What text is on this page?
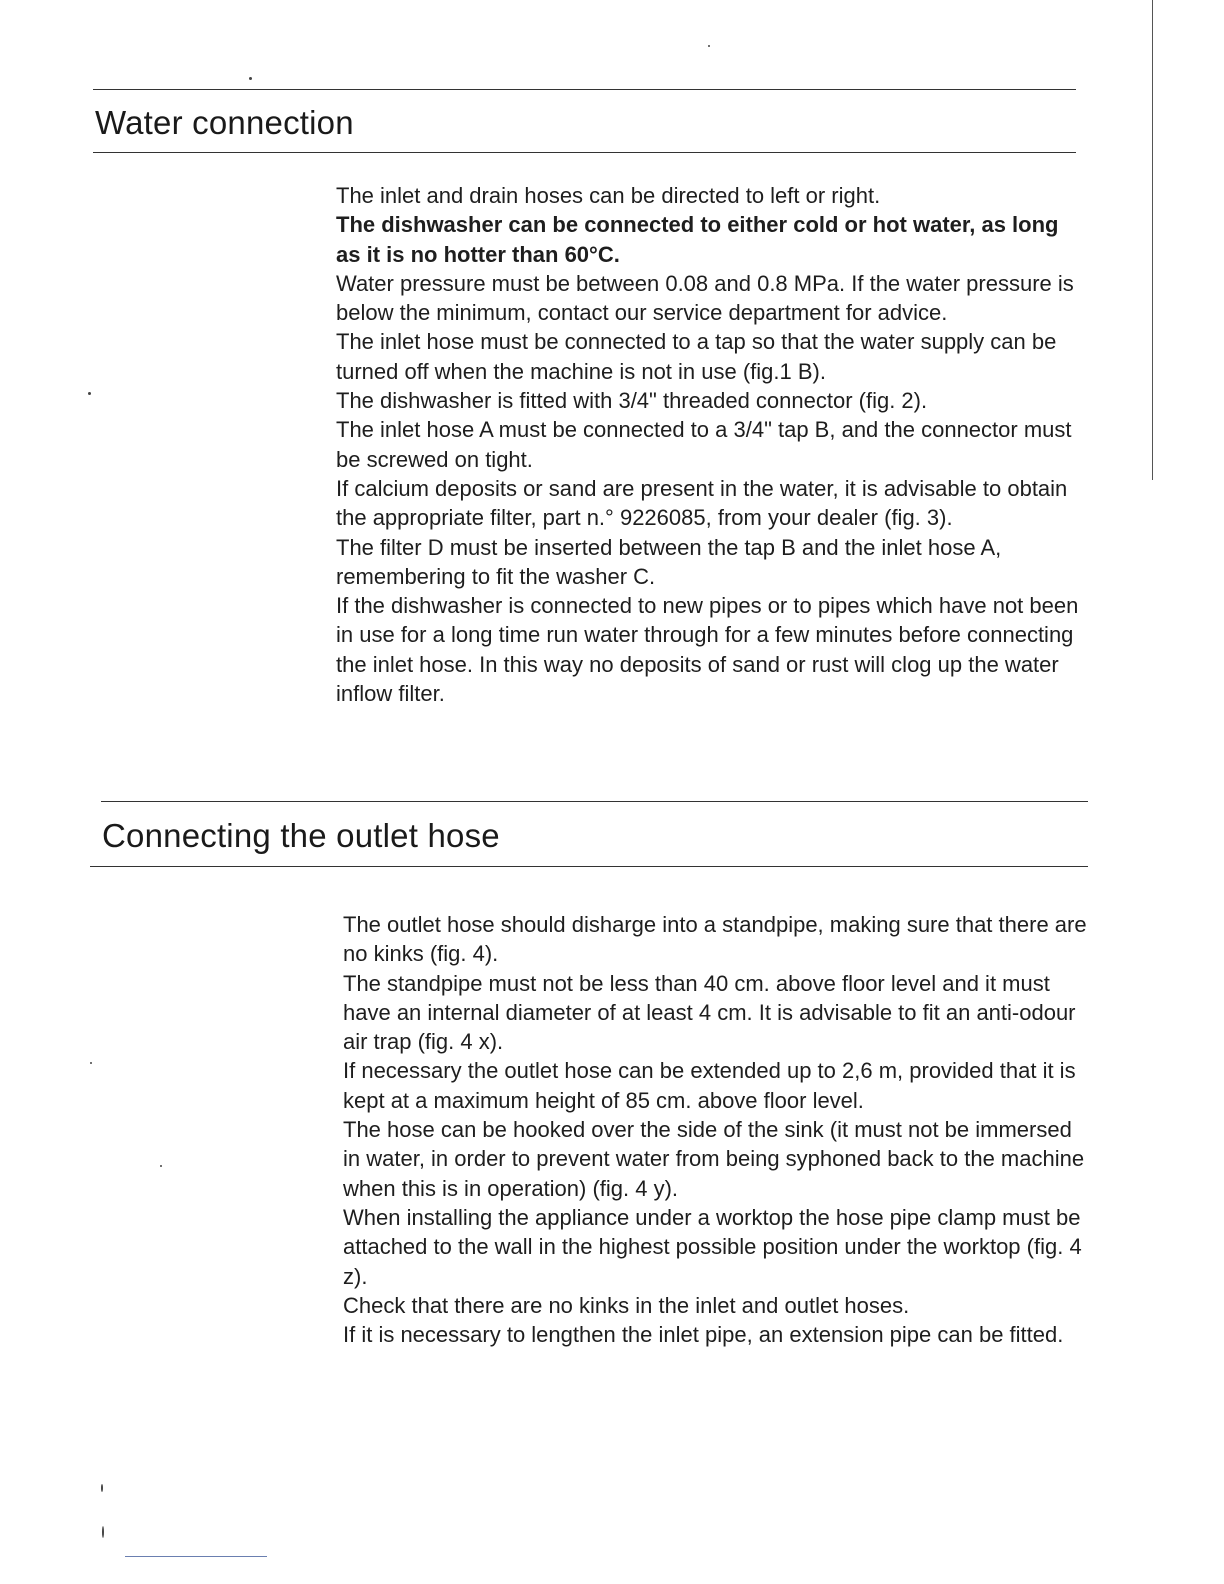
Water connection

The inlet and drain hoses can be directed to left or right.

The dishwasher can be connected to either cold or hot water, as long as it is no hotter than 60°C.

Water pressure must be between 0.08 and 0.8 MPa. If the water pressure is below the minimum, contact our service department for advice.

The inlet hose must be connected to a tap so that the water supply can be turned off when the machine is not in use (fig.1 B).

The dishwasher is fitted with 3/4" threaded connector (fig. 2).

The inlet hose A must be connected to a 3/4" tap B, and the connector must be screwed on tight.

If calcium deposits or sand are present in the water, it is advisable to obtain the appropriate filter, part n.° 9226085, from your dealer (fig. 3).

The filter D must be inserted between the tap B and the inlet hose A, remembering to fit the washer C.

If the dishwasher is connected to new pipes or to pipes which have not been in use for a long time run water through for a few minutes before connecting the inlet hose. In this way no deposits of sand or rust will clog up the water inflow filter.

Connecting the outlet hose

The outlet hose should disharge into a standpipe, making sure that there are no kinks (fig. 4).

The standpipe must not be less than 40 cm. above floor level and it must have an internal diameter of at least 4 cm. It is advisable to fit an anti-odour air trap (fig. 4 x).

If necessary the outlet hose can be extended up to 2,6 m, provided that it is kept at a maximum height of 85 cm. above floor level.

The hose can be hooked over the side of the sink (it must not be immersed in water, in order to prevent water from being syphoned back to the machine when this is in operation) (fig. 4 y).

When installing the appliance under a worktop the hose pipe clamp must be attached to the wall in the highest possible position under the worktop (fig. 4 z).

Check that there are no kinks in the inlet and outlet hoses.

If it is necessary to lengthen the inlet pipe, an extension pipe can be fitted.
